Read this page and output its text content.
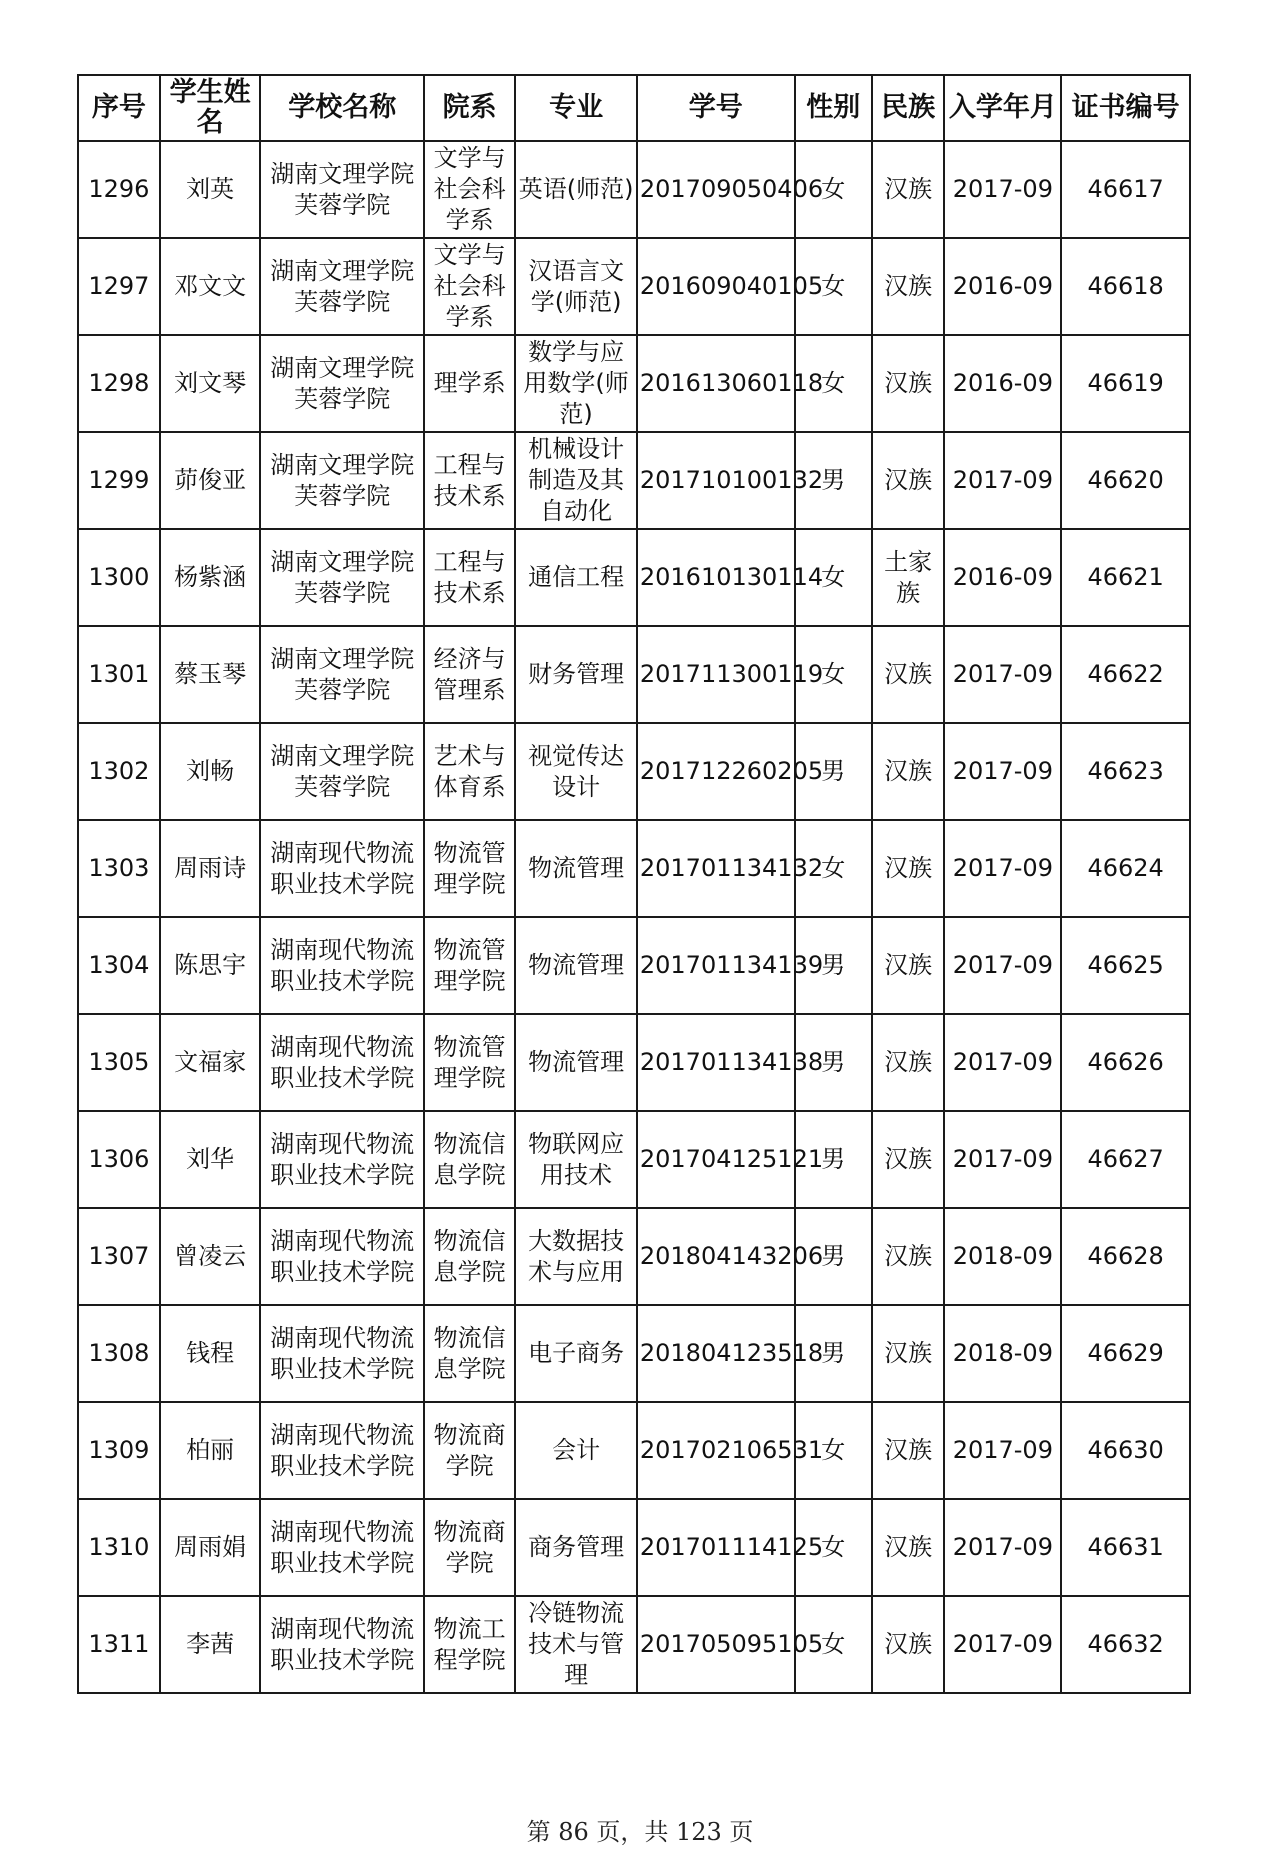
序号	学生姓名	学校名称	院系	专业	学号	性别	民族	入学年月	证书编号
1296	刘英	湖南文理学院芙蓉学院	文学与社会科学系	英语(师范)	201709050406	女	汉族	2017-09	46617
1297	邓文文	湖南文理学院芙蓉学院	文学与社会科学系	汉语言文学(师范)	201609040105	女	汉族	2016-09	46618
1298	刘文琴	湖南文理学院芙蓉学院	理学系	数学与应用数学(师范)	201613060118	女	汉族	2016-09	46619
1299	茆俊亚	湖南文理学院芙蓉学院	工程与技术系	机械设计制造及其自动化	201710100132	男	汉族	2017-09	46620
1300	杨紫涵	湖南文理学院芙蓉学院	工程与技术系	通信工程	201610130114	女	土家族	2016-09	46621
1301	蔡玉琴	湖南文理学院芙蓉学院	经济与管理系	财务管理	201711300119	女	汉族	2017-09	46622
1302	刘畅	湖南文理学院芙蓉学院	艺术与体育系	视觉传达设计	201712260205	男	汉族	2017-09	46623
1303	周雨诗	湖南现代物流职业技术学院	物流管理学院	物流管理	201701134132	女	汉族	2017-09	46624
1304	陈思宇	湖南现代物流职业技术学院	物流管理学院	物流管理	201701134139	男	汉族	2017-09	46625
1305	文福家	湖南现代物流职业技术学院	物流管理学院	物流管理	201701134138	男	汉族	2017-09	46626
1306	刘华	湖南现代物流职业技术学院	物流信息学院	物联网应用技术	201704125121	男	汉族	2017-09	46627
1307	曾凌云	湖南现代物流职业技术学院	物流信息学院	大数据技术与应用	201804143206	男	汉族	2018-09	46628
1308	钱程	湖南现代物流职业技术学院	物流信息学院	电子商务	201804123518	男	汉族	2018-09	46629
1309	柏丽	湖南现代物流职业技术学院	物流商学院	会计	201702106531	女	汉族	2017-09	46630
1310	周雨娟	湖南现代物流职业技术学院	物流商学院	商务管理	201701114125	女	汉族	2017-09	46631
1311	李茜	湖南现代物流职业技术学院	物流工程学院	冷链物流技术与管理	201705095105	女	汉族	2017-09	46632
第 86 页，共 123 页
